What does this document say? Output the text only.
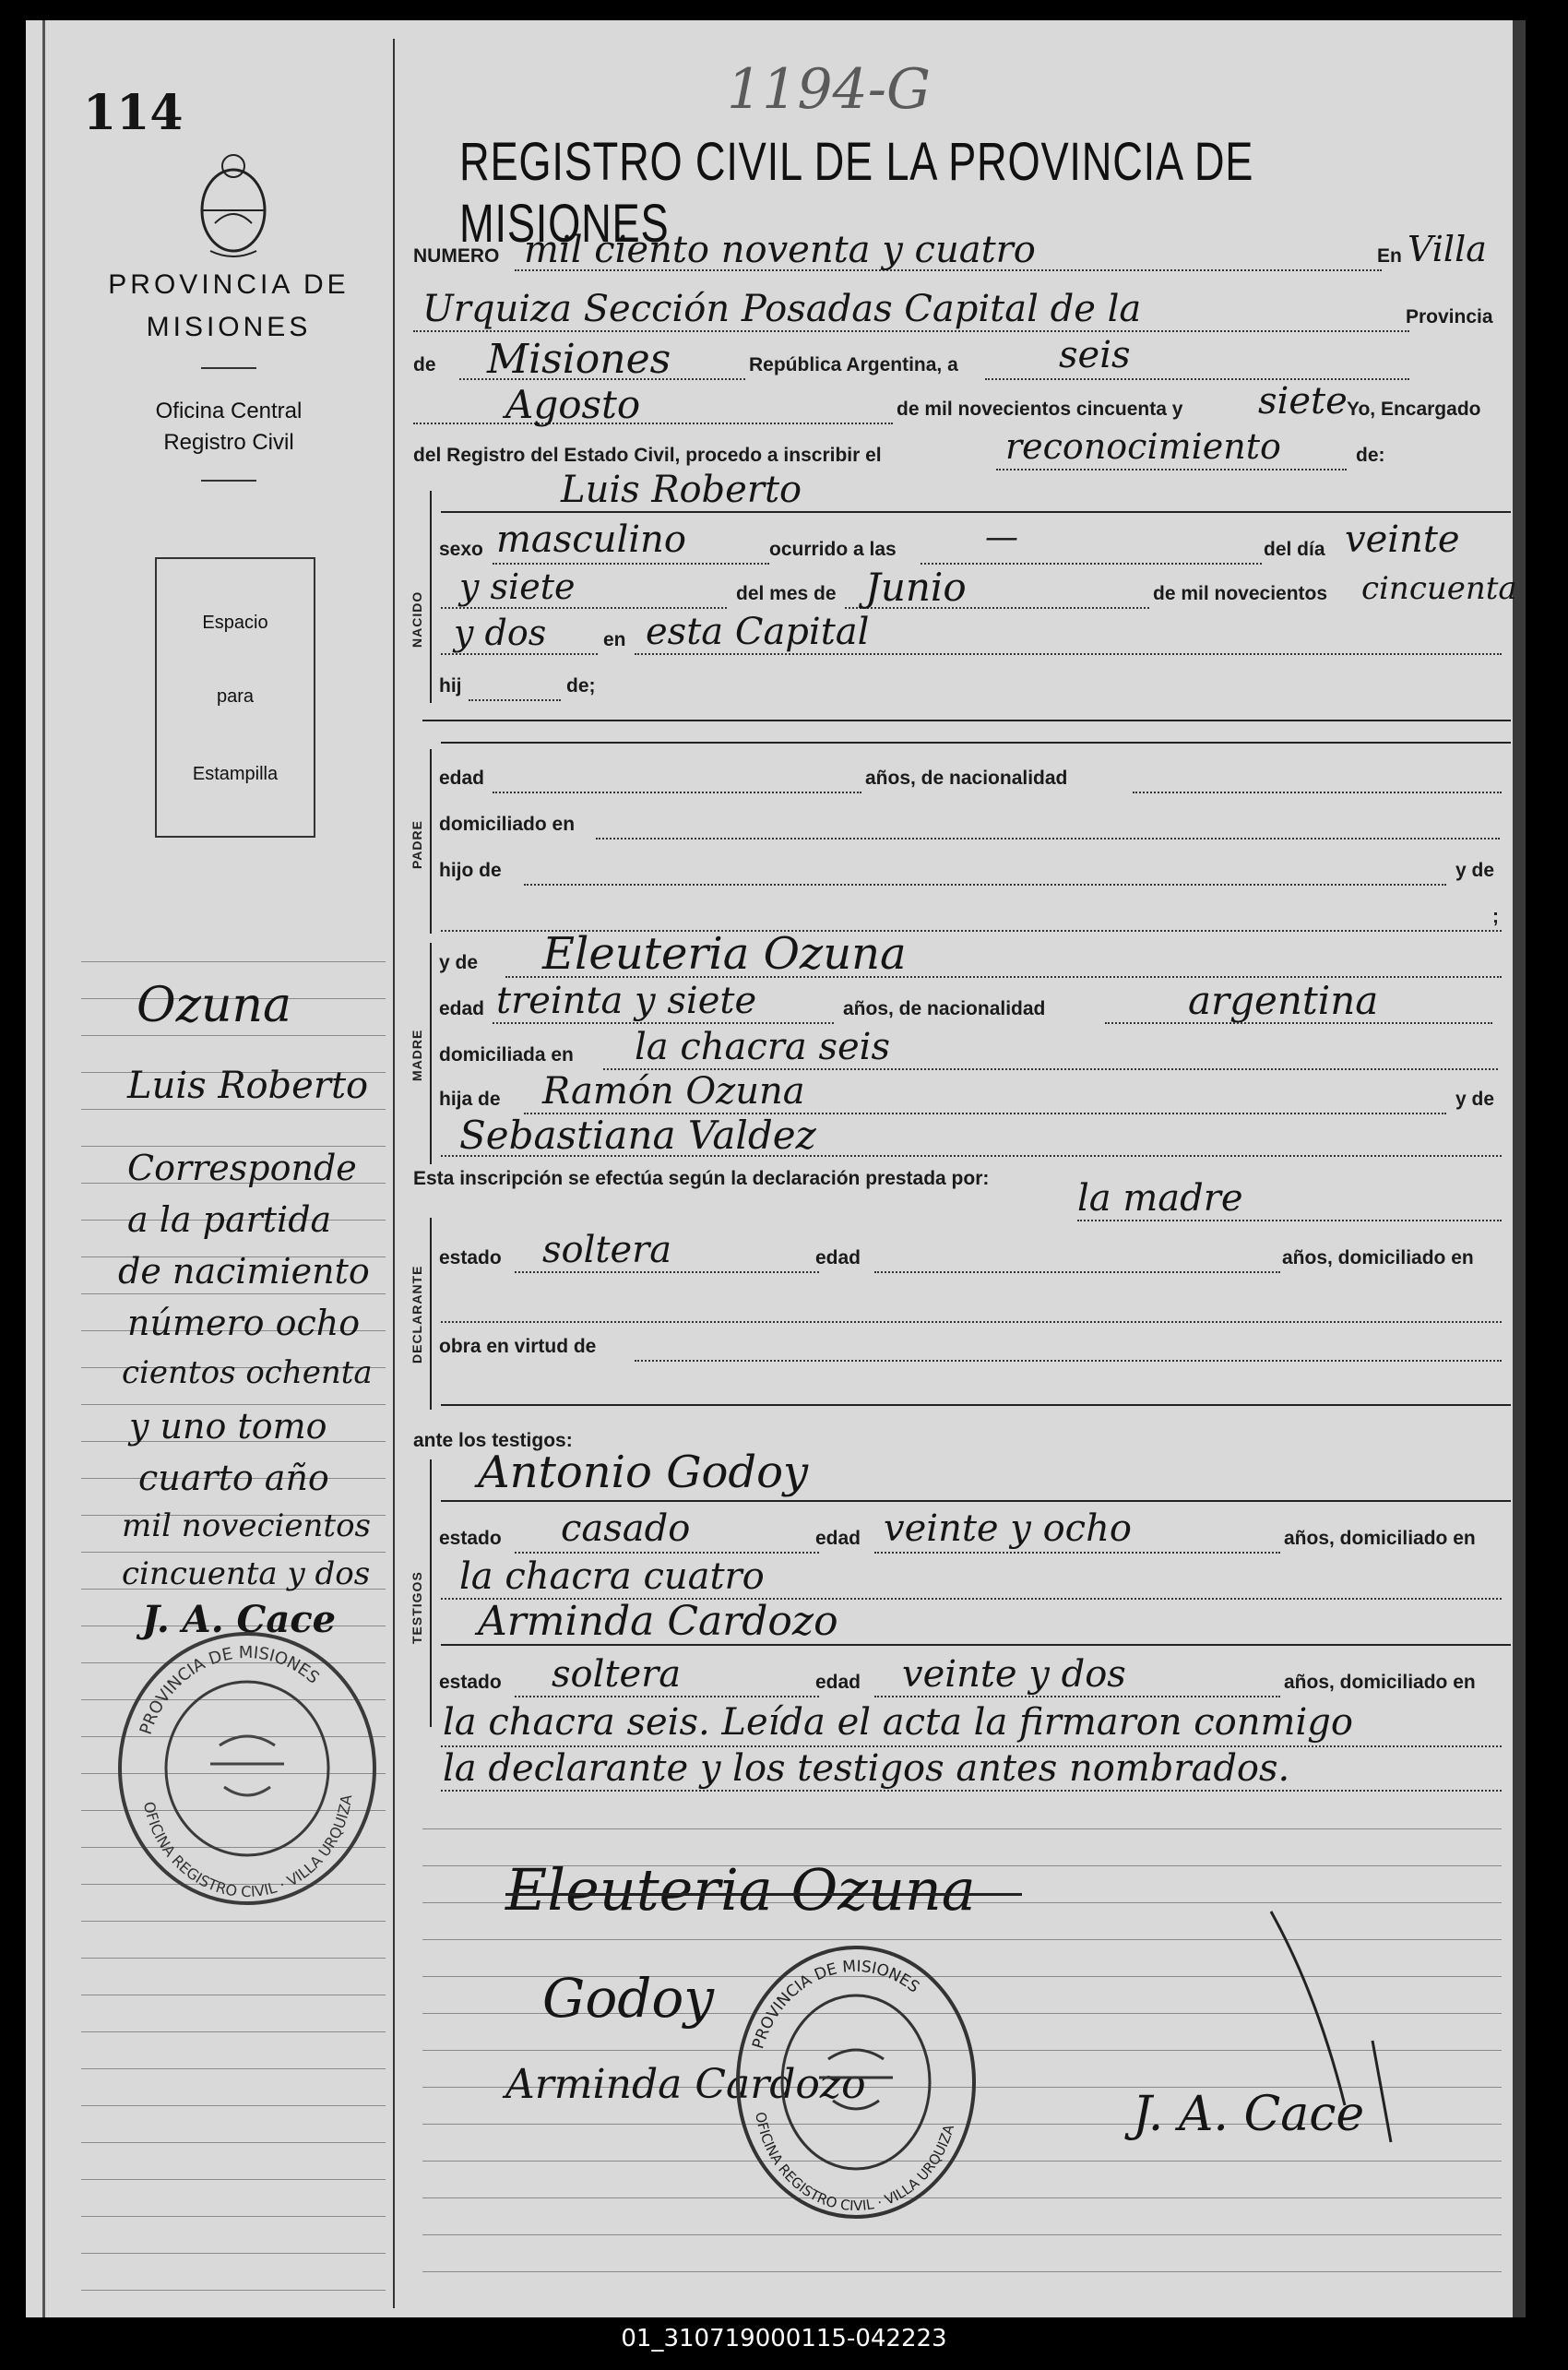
114	1194-G
PROVINCIA DE
MISIONES
Oficina Central
Registro Civil
Espacio
para
Estampilla
Ozuna
Luis Roberto
Corresponde
a la partida
de nacimiento
número ocho
cientos ochenta
y uno tomo
cuarto año
mil novecientos
cincuenta y dos
J. A. Cace
PROVINCIA DE MISIONES
OFICINA REGISTRO CIVIL · VILLA URQUIZA
REGISTRO CIVIL DE LA PROVINCIA DE MISIONES
NUMERO mil ciento noventa y cuatro	En Villa
Urquiza Sección Posadas Capital de la	Provincia
de Misiones	República Argentina, a	seis
Agosto	de mil novecientos cincuenta y siete Yo, Encargado
del Registro del Estado Civil, procedo a inscribir el	reconocimiento	de:
NACIDO
Luis Roberto
sexo masculino	ocurrido a las	—	del día veinte
y siete	del mes de Junio	de mil novecientos cincuenta
y dos	en esta Capital
hij	de;
PADRE
edad	años, de nacionalidad
domiciliado en
hijo de	y de
;
MADRE
y de Eleuteria Ozuna
edad treinta y siete	años, de nacionalidad	argentina
domiciliada en la chacra seis
hija de Ramón Ozuna	y de
Sebastiana Valdez
Esta inscripción se efectúa según la declaración prestada por: la madre
DECLARANTE
estado soltera	edad	años, domiciliado en
obra en virtud de
ante los testigos:
TESTIGOS
Antonio Godoy
estado casado	edad veinte y ocho	años, domiciliado en
la chacra cuatro
Arminda Cardozo
estado soltera	edad veinte y dos	años, domiciliado en
la chacra seis. Leída el acta la firmaron conmigo
la declarante y los testigos antes nombrados.
Eleuteria Ozuna
Godoy
Arminda Cardozo
J. A. Cace
PROVINCIA DE MISIONES
OFICINA REGISTRO CIVIL · VILLA URQUIZA
01_310719000115-042223
